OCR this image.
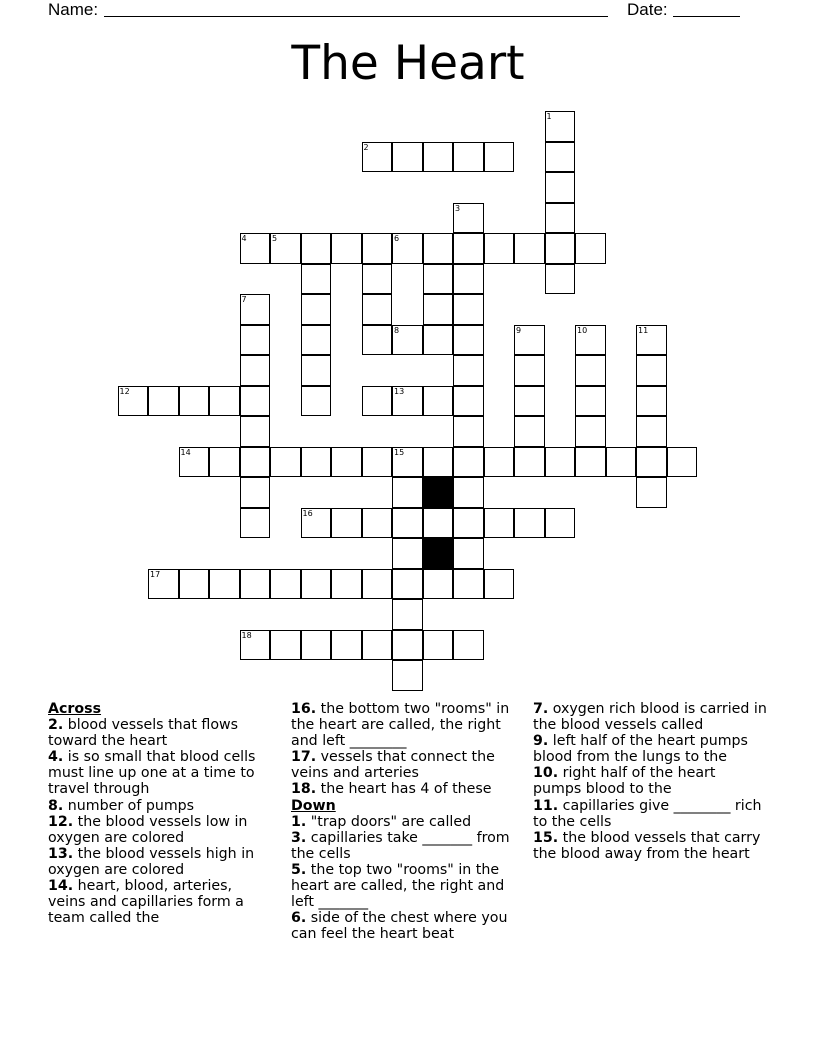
Name:	Date:
The Heart
1
2
3
4	5	6
7
8	9	10	11
12	13
14	15
16
17
18

Across

2. blood vessels that flows toward the heart

4. is so small that blood cells must line up one at a time to travel through

8. number of pumps

12. the blood vessels low in oxygen are colored

13. the blood vessels high in oxygen are colored

14. heart, blood, arteries, veins and capillaries form a team called the

16. the bottom two "rooms" in the heart are called, the right and left ________

17. vessels that connect the veins and arteries

18. the heart has 4 of these

Down

1. "trap doors" are called

3. capillaries take _______ from the cells

5. the top two "rooms" in the heart are called, the right and left _______

6. side of the chest where you can feel the heart beat

7. oxygen rich blood is carried in the blood vessels called

9. left half of the heart pumps blood from the lungs to the

10. right half of the heart pumps blood to the

11. capillaries give ________ rich to the cells

15. the blood vessels that carry the blood away from the heart
